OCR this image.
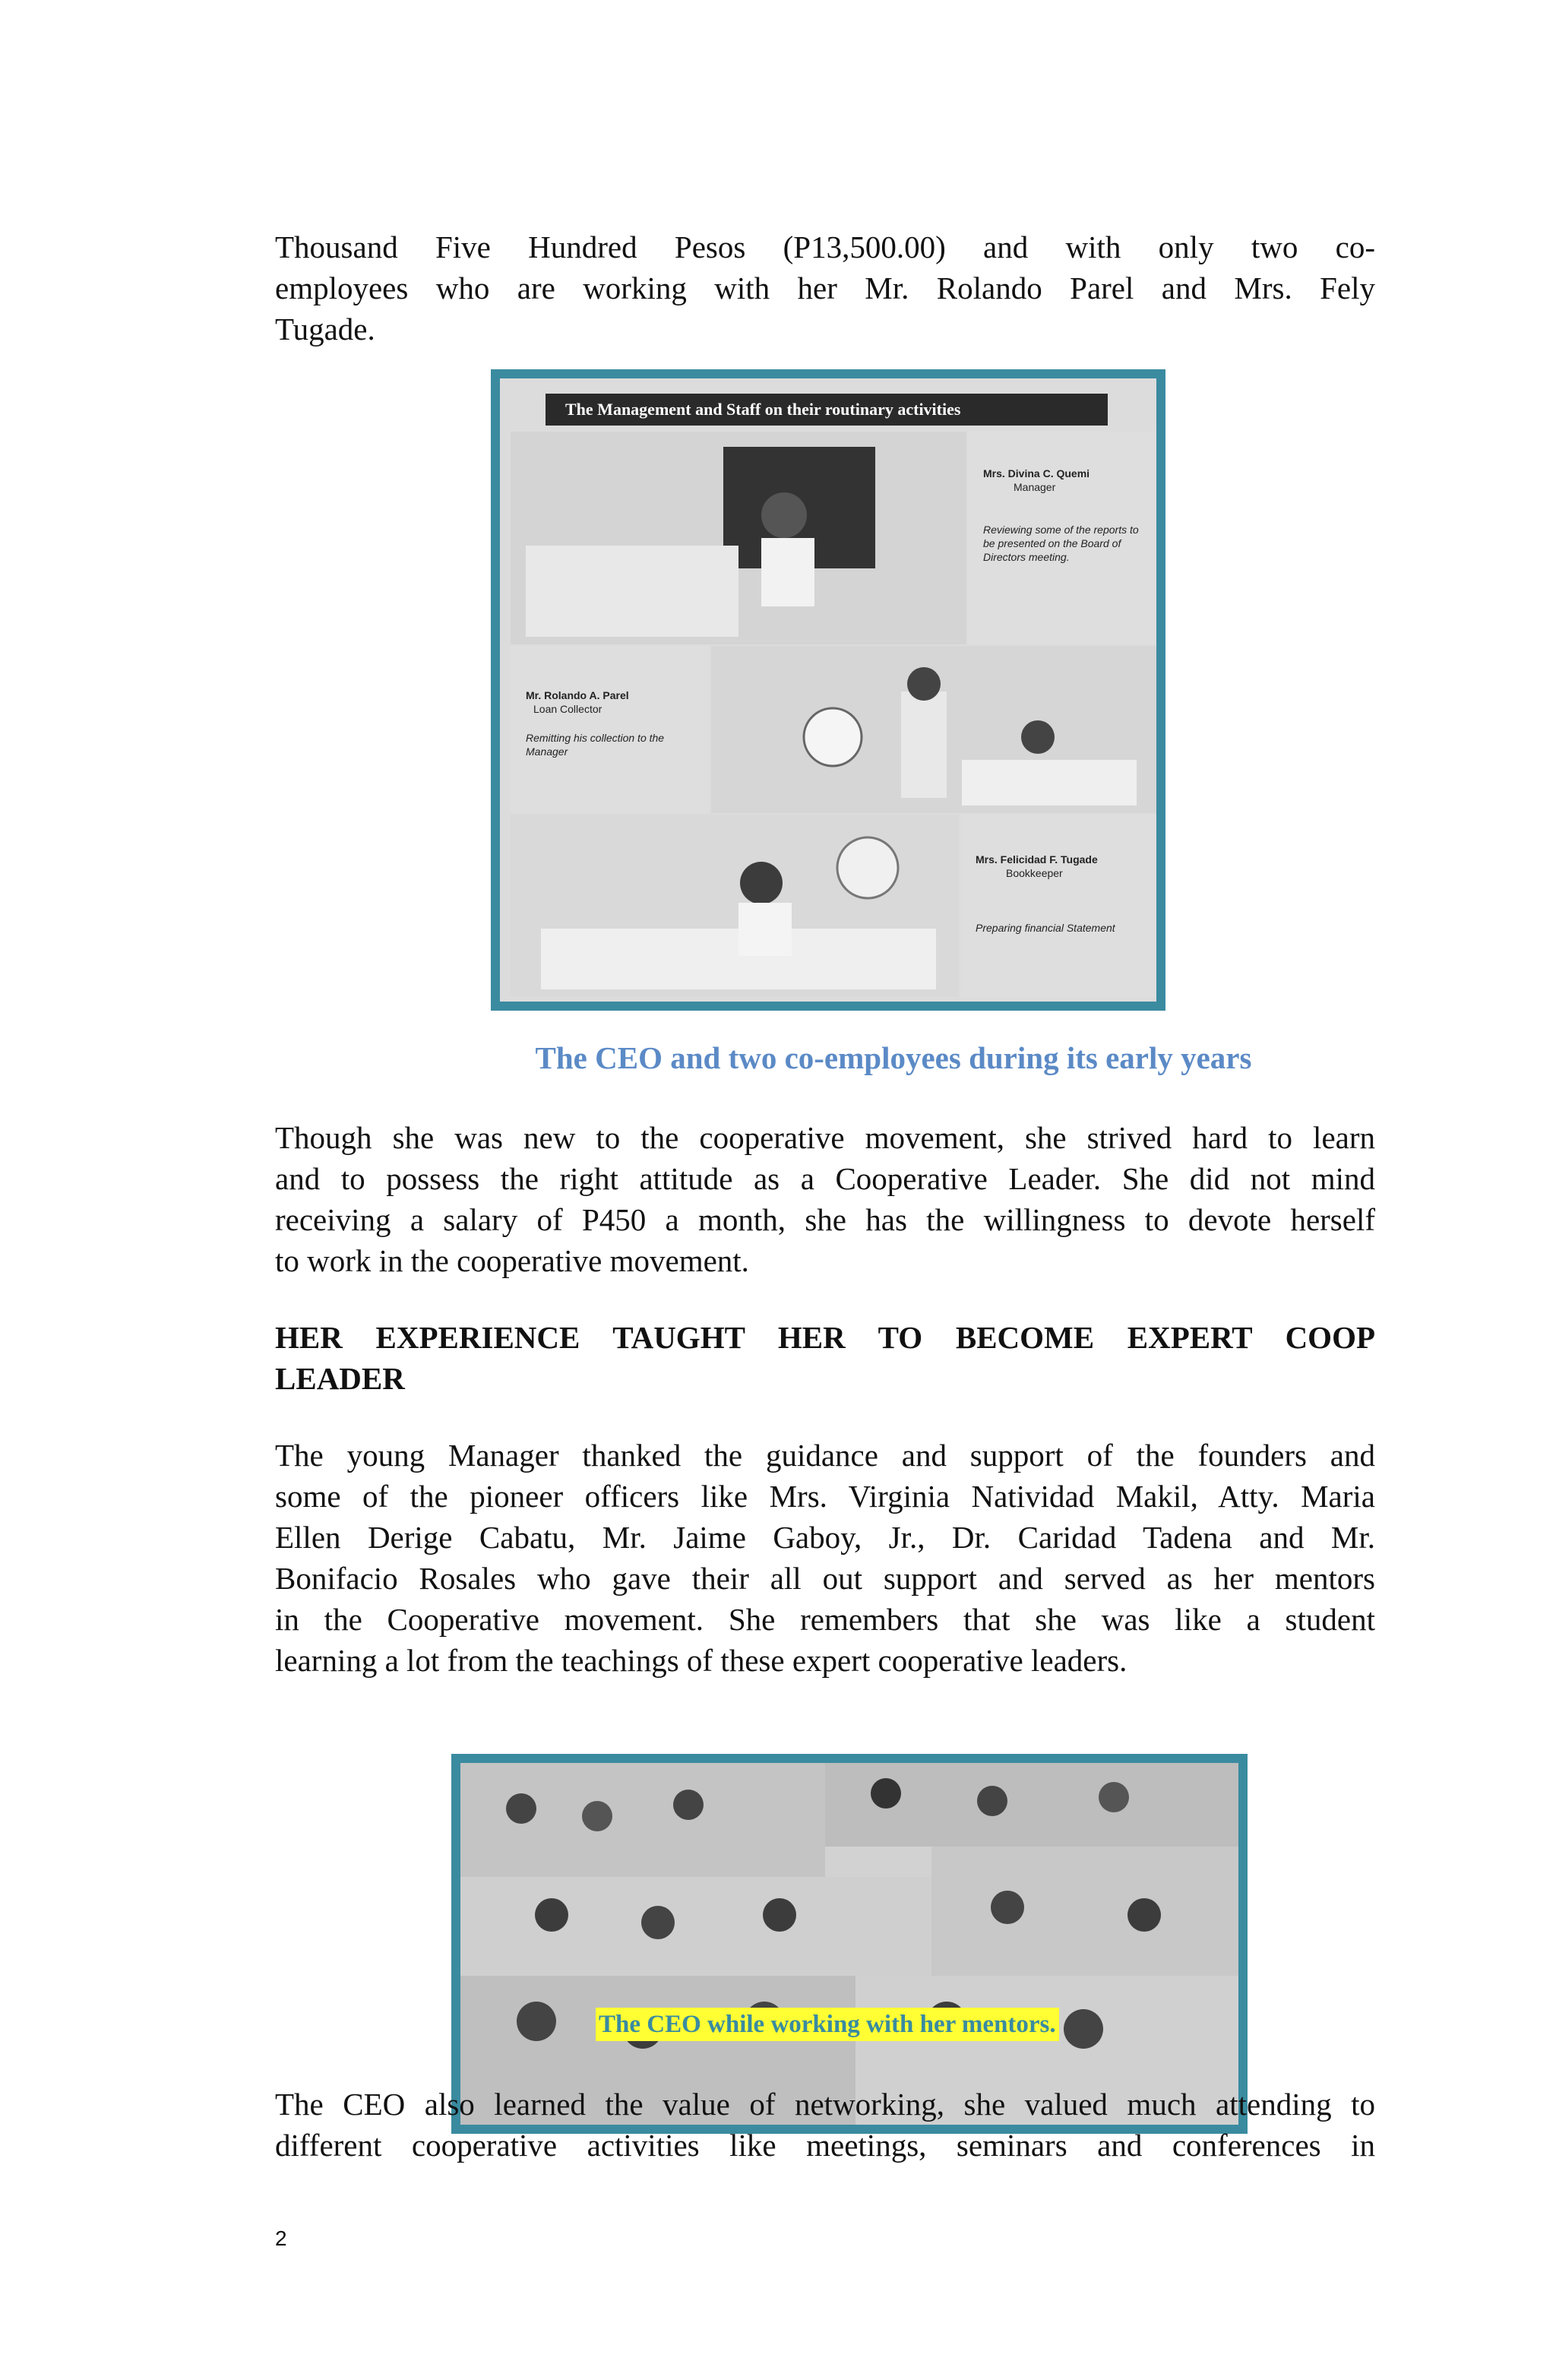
Thousand Five Hundred Pesos (P13,500.00) and with only two co-
employees who are working with her Mr. Rolando Parel and Mrs. Fely
Tugade.
The Management and Staff on their routinary activities
Mrs. Divina C. Quemi
Manager
Reviewing some of the reports to be presented on the Board of Directors meeting.
Mr. Rolando A. Parel
Loan Collector
Remitting his collection to the Manager
Mrs. Felicidad F. Tugade
Bookkeeper
Preparing financial Statement
The CEO and two co-employees during its early years
Though she was new to the cooperative movement, she strived hard to learn
and to possess the right attitude as a Cooperative Leader. She did not mind
receiving a salary of P450 a month, she has the willingness to devote herself
to work in the cooperative movement.
HER EXPERIENCE TAUGHT HER TO BECOME EXPERT COOP
LEADER
The young Manager thanked the guidance and support of the founders and
some of the pioneer officers like Mrs. Virginia Natividad Makil, Atty. Maria
Ellen Derige Cabatu, Mr. Jaime Gaboy, Jr., Dr. Caridad Tadena and Mr.
Bonifacio Rosales who gave their all out support and served as her mentors
in the Cooperative movement. She remembers that she was like a student
learning a lot from the teachings of these expert cooperative leaders.
The CEO while working with her mentors.
The CEO also learned the value of networking, she valued much attending to
different cooperative activities like meetings, seminars and conferences in
2
